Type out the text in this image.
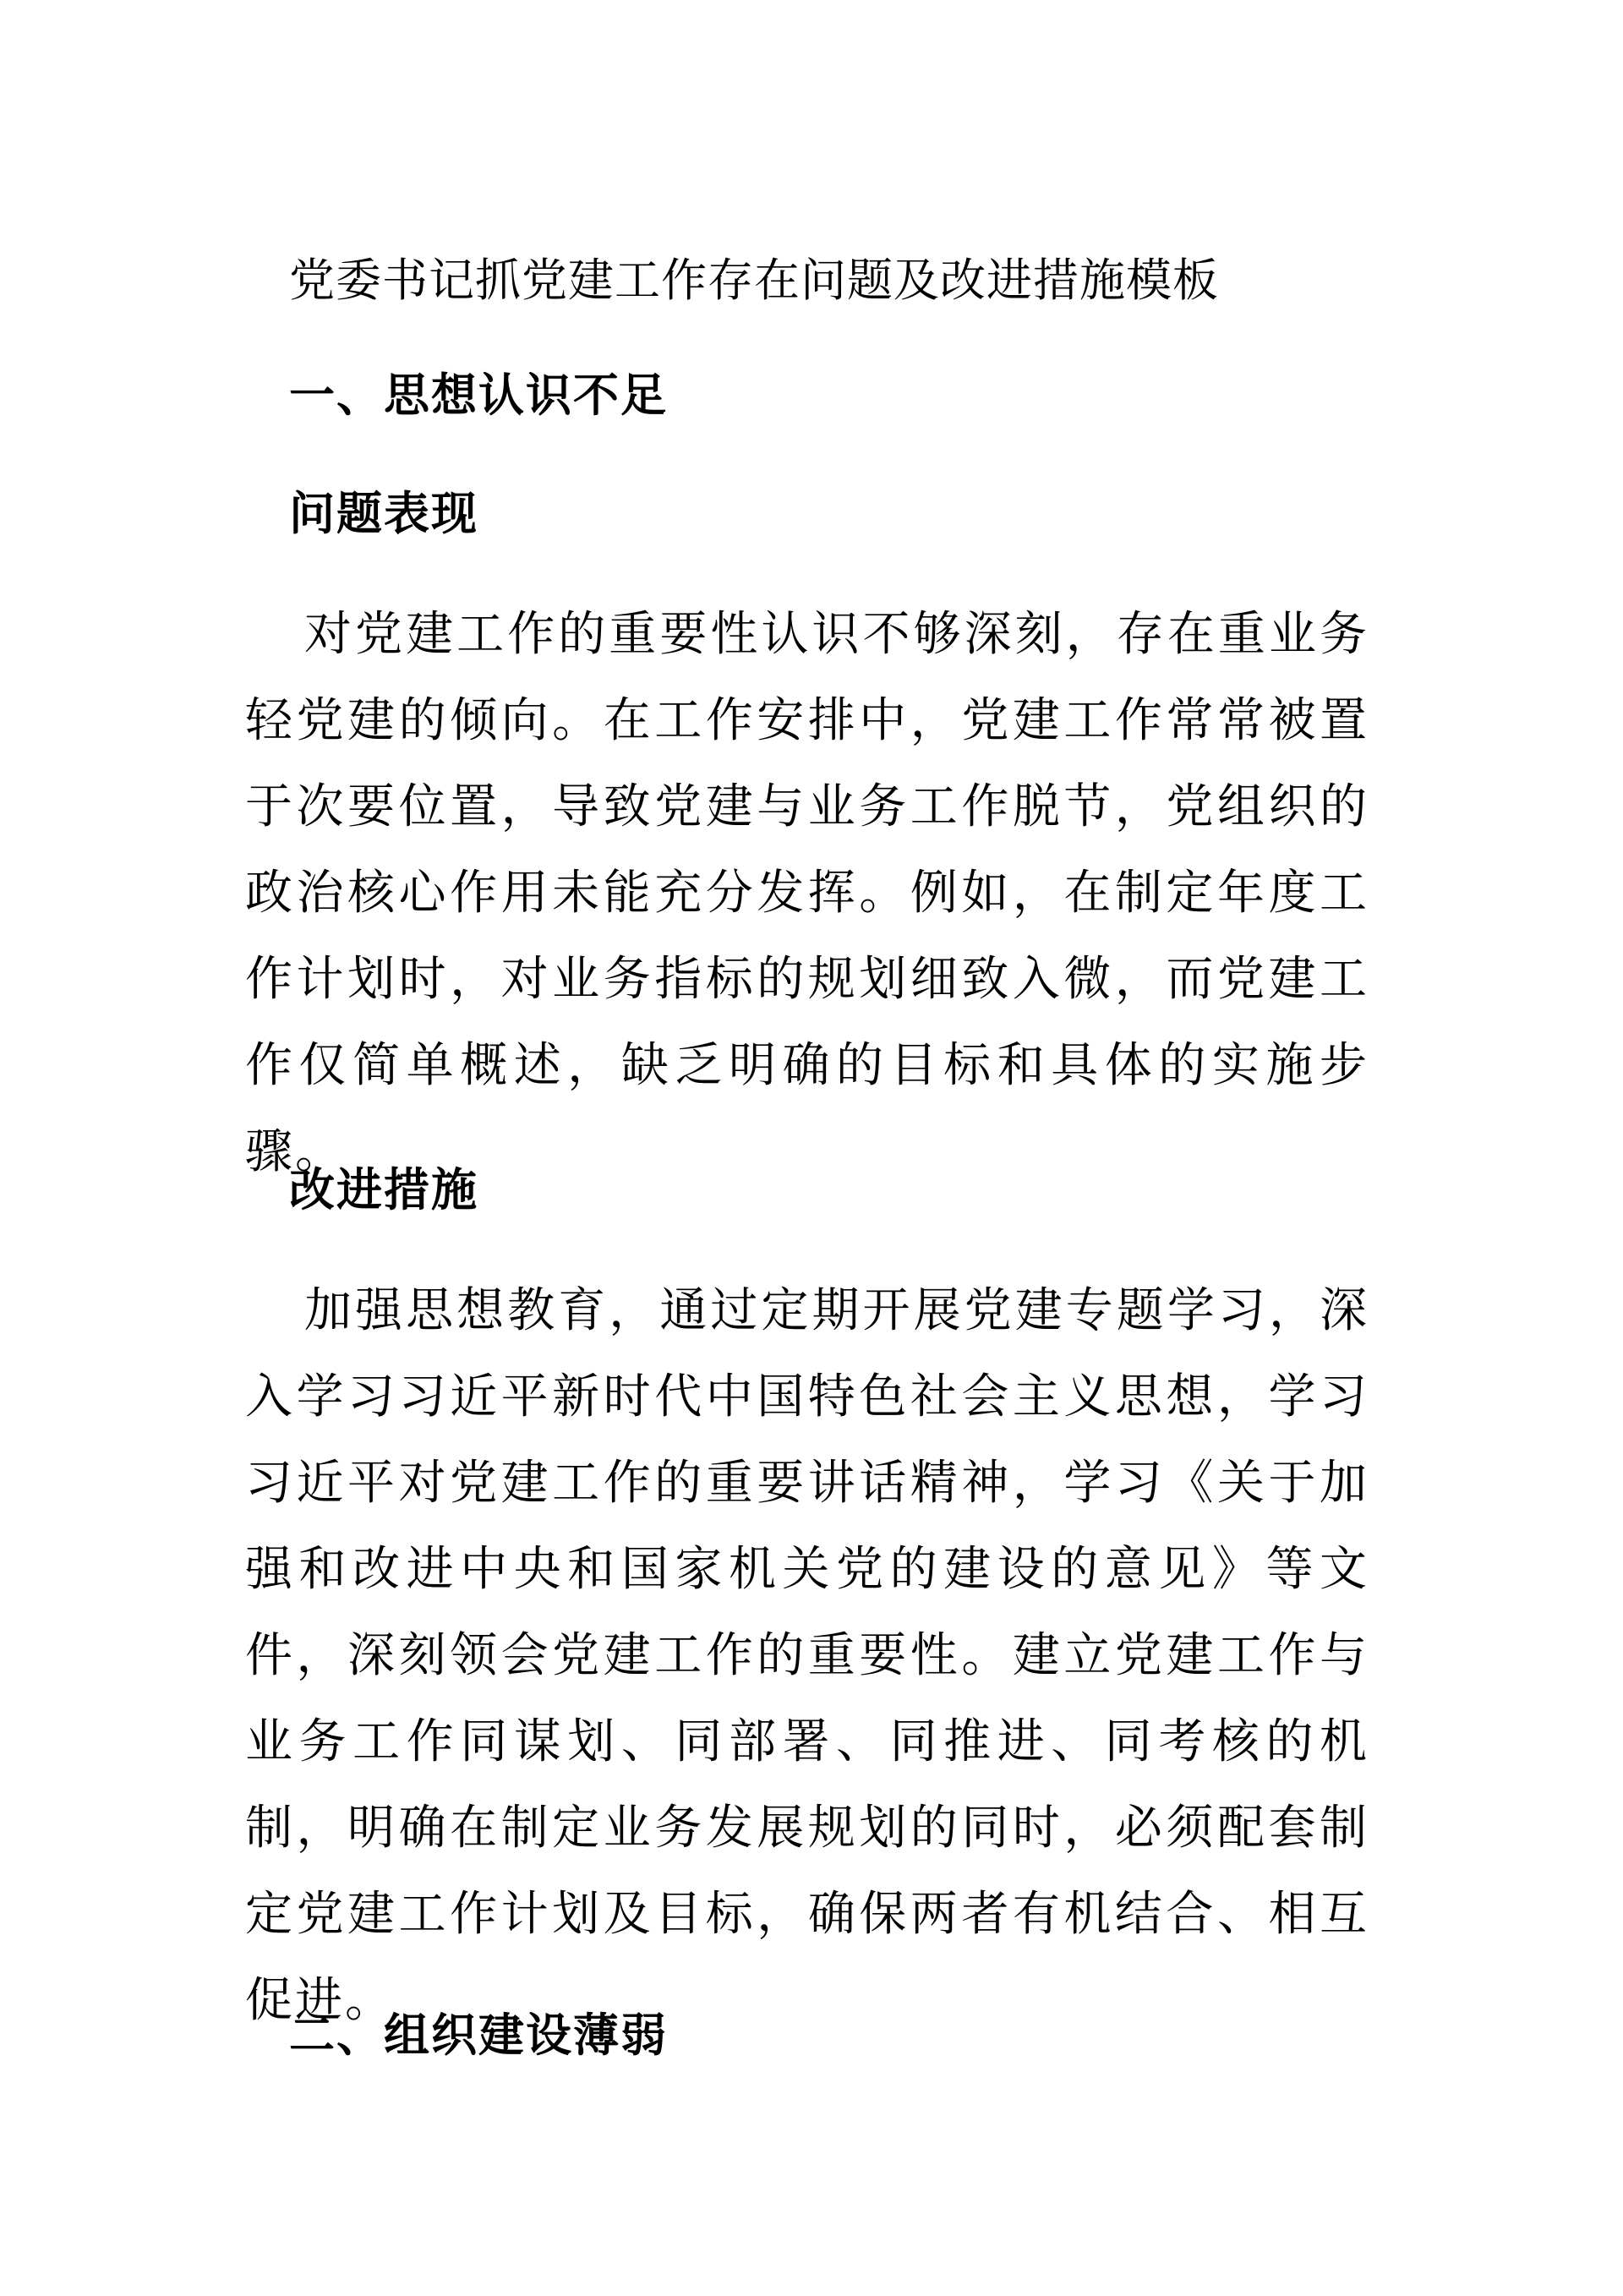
党委书记抓党建工作存在问题及改进措施模板
一、思想认识不足
问题表现

对党建工作的重要性认识不够深刻，存在重业务轻党建的倾向。在工作安排中，党建工作常常被置于次要位置，导致党建与业务工作脱节，党组织的政治核心作用未能充分发挥。例如，在制定年度工作计划时，对业务指标的规划细致入微，而党建工作仅简单概述，缺乏明确的目标和具体的实施步骤。

改进措施

加强思想教育，通过定期开展党建专题学习，深入学习习近平新时代中国特色社会主义思想，学习习近平对党建工作的重要讲话精神，学习《关于加强和改进中央和国家机关党的建设的意见》等文件，深刻领会党建工作的重要性。建立党建工作与业务工作同谋划、同部署、同推进、同考核的机制，明确在制定业务发展规划的同时，必须配套制定党建工作计划及目标，确保两者有机结合、相互促进。

二、组织建设薄弱
